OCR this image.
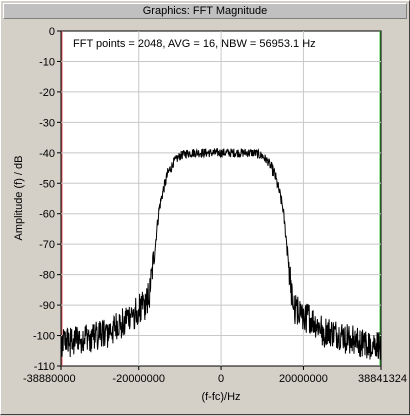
Graphics: FFT Magnitude
0
-10
-20
-30
-40
-50
-60
-70
-80
-90
-100
-110
-38880000	-20000000	0	20000000	38841324
FFT points = 2048, AVG = 16, NBW = 56953.1 Hz
(f-fc)/Hz
Amplitude (f) / dB
